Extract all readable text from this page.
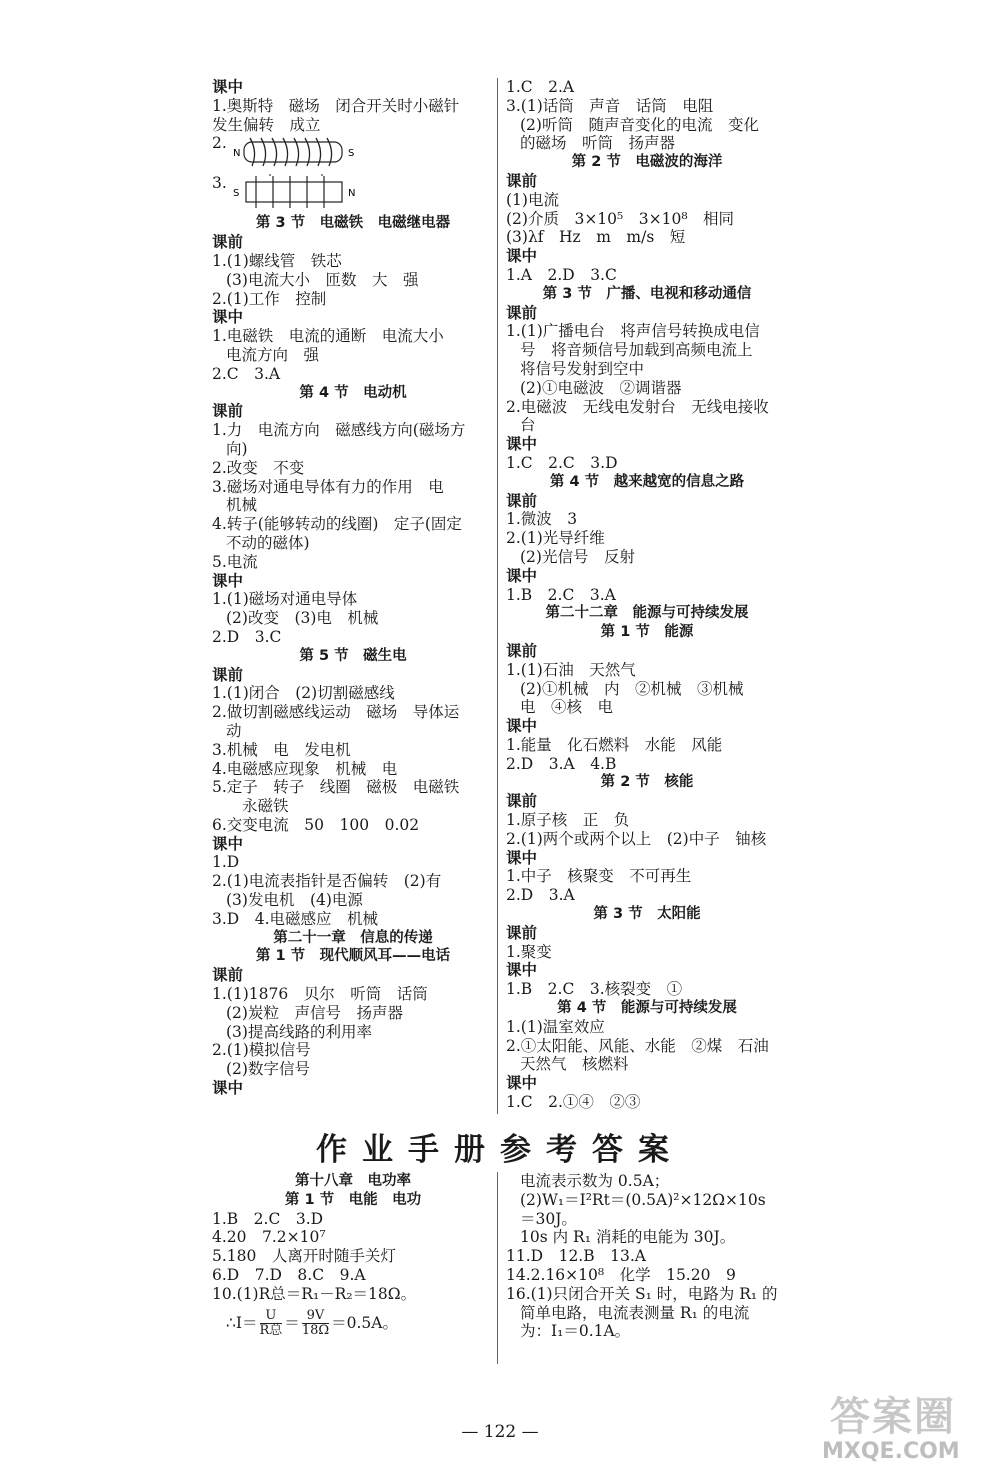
课中
1.奥斯特　磁场　闭合开关时小磁针
发生偏转　成立
2.
N	S
3.
S	N
第 3 节　电磁铁　电磁继电器
课前
1.(1)螺线管　铁芯
(3)电流大小　匝数　大　强
2.(1)工作　控制
课中
1.电磁铁　电流的通断　电流大小
电流方向　强
2.C　3.A
第 4 节　电动机
课前
1.力　电流方向　磁感线方向(磁场方
向)
2.改变　不变
3.磁场对通电导体有力的作用　电
机械
4.转子(能够转动的线圈)　定子(固定
不动的磁体)
5.电流
课中
1.(1)磁场对通电导体
(2)改变　(3)电　机械
2.D　3.C
第 5 节　磁生电
课前
1.(1)闭合　(2)切割磁感线
2.做切割磁感线运动　磁场　导体运
动
3.机械　电　发电机
4.电磁感应现象　机械　电
5.定子　转子　线圈　磁极　电磁铁
永磁铁
6.交变电流　50　100　0.02
课中
1.D
2.(1)电流表指针是否偏转　(2)有
(3)发电机　(4)电源
3.D　4.电磁感应　机械
第二十一章　信息的传递
第 1 节　现代顺风耳——电话
课前
1.(1)1876　贝尔　听筒　话筒
(2)炭粒　声信号　扬声器
(3)提高线路的利用率
2.(1)模拟信号
(2)数字信号
课中
1.C　2.A
3.(1)话筒　声音　话筒　电阻
(2)听筒　随声音变化的电流　变化
的磁场　听筒　扬声器
第 2 节　电磁波的海洋
课前
(1)电流
(2)介质　3×10⁵　3×10⁸　相同
(3)λf　Hz　m　m/s　短
课中
1.A　2.D　3.C
第 3 节　广播、电视和移动通信
课前
1.(1)广播电台　将声信号转换成电信
号　将音频信号加载到高频电流上
将信号发射到空中
(2)①电磁波　②调谐器
2.电磁波　无线电发射台　无线电接收
台
课中
1.C　2.C　3.D
第 4 节　越来越宽的信息之路
课前
1.微波　3
2.(1)光导纤维
(2)光信号　反射
课中
1.B　2.C　3.A
第二十二章　能源与可持续发展
第 1 节　能源
课前
1.(1)石油　天然气
(2)①机械　内　②机械　③机械
电　④核　电
课中
1.能量　化石燃料　水能　风能
2.D　3.A　4.B
第 2 节　核能
课前
1.原子核　正　负
2.(1)两个或两个以上　(2)中子　铀核
课中
1.中子　核聚变　不可再生
2.D　3.A
第 3 节　太阳能
课前
1.聚变
课中
1.B　2.C　3.核裂变　①
第 4 节　能源与可持续发展
1.(1)温室效应
2.①太阳能、风能、水能　②煤　石油
天然气　核燃料
课中
1.C　2.①④　②③
作业手册参考答案
第十八章　电功率
第 1 节　电能　电功
1.B　2.C　3.D
4.20　7.2×10⁷
5.180　人离开时随手关灯
6.D　7.D　8.C　9.A
10.(1)R总＝R₁－R₂＝18Ω。
∴I＝ $\frac{U}{\text{R总}} = \frac{9V}{18\Omega} =0.5A$。
电流表示数为 0.5A；
(2)W₁＝I²Rt＝(0.5A)²×12Ω×10s
＝30J。
10s 内 R₁ 消耗的电能为 30J。
11.D　12.B　13.A
14.2.16×10⁸　化学　15.20　9
16.(1)只闭合开关 S₁ 时，电路为 R₁ 的
简单电路，电流表测量 R₁ 的电流
为：I₁＝0.1A。
— 122 —	答案圈
MXQE.COM
